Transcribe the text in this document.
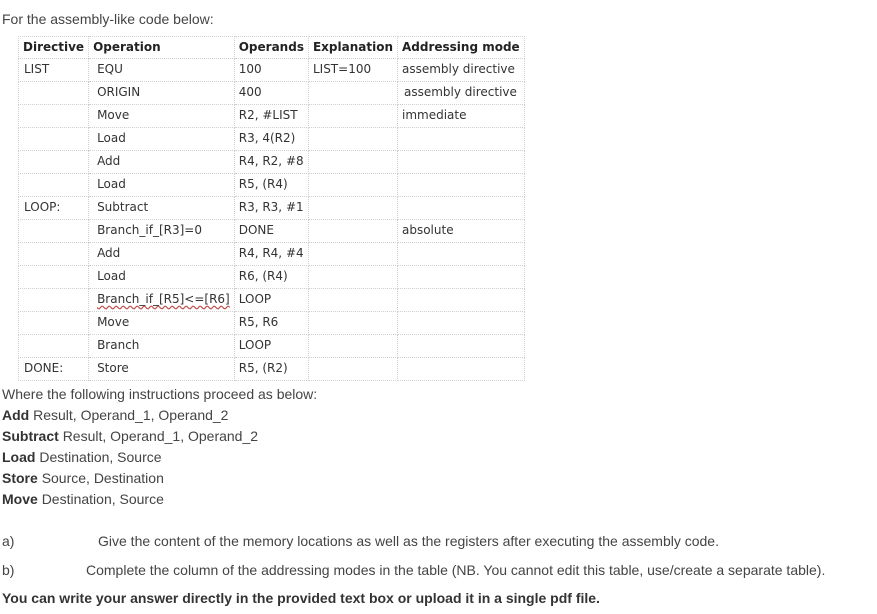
For the assembly-like code below:
Directive	Operation	Operands	Explanation	Addressing mode
LIST	EQU	100	LIST=100	assembly directive
	ORIGIN	400		assembly directive
	Move	R2, #LIST		immediate
	Load	R3, 4(R2)		
	Add	R4, R2, #8		
	Load	R5, (R4)		
LOOP:	Subtract	R3, R3, #1		
	Branch_if_[R3]=0	DONE		absolute
	Add	R4, R4, #4		
	Load	R6, (R4)		
	Branch_if_[R5]<=[R6]	LOOP		
	Move	R5, R6		
	Branch	LOOP		
DONE:	Store	R5, (R2)		
Where the following instructions proceed as below:
Add Result, Operand_1, Operand_2
Subtract Result, Operand_1, Operand_2
Load Destination, Source
Store Source, Destination
Move Destination, Source
a)	Give the content of the memory locations as well as the registers after executing the assembly code.
b)	Complete the column of the addressing modes in the table (NB. You cannot edit this table, use/create a separate table).
You can write your answer directly in the provided text box or upload it in a single pdf file.
